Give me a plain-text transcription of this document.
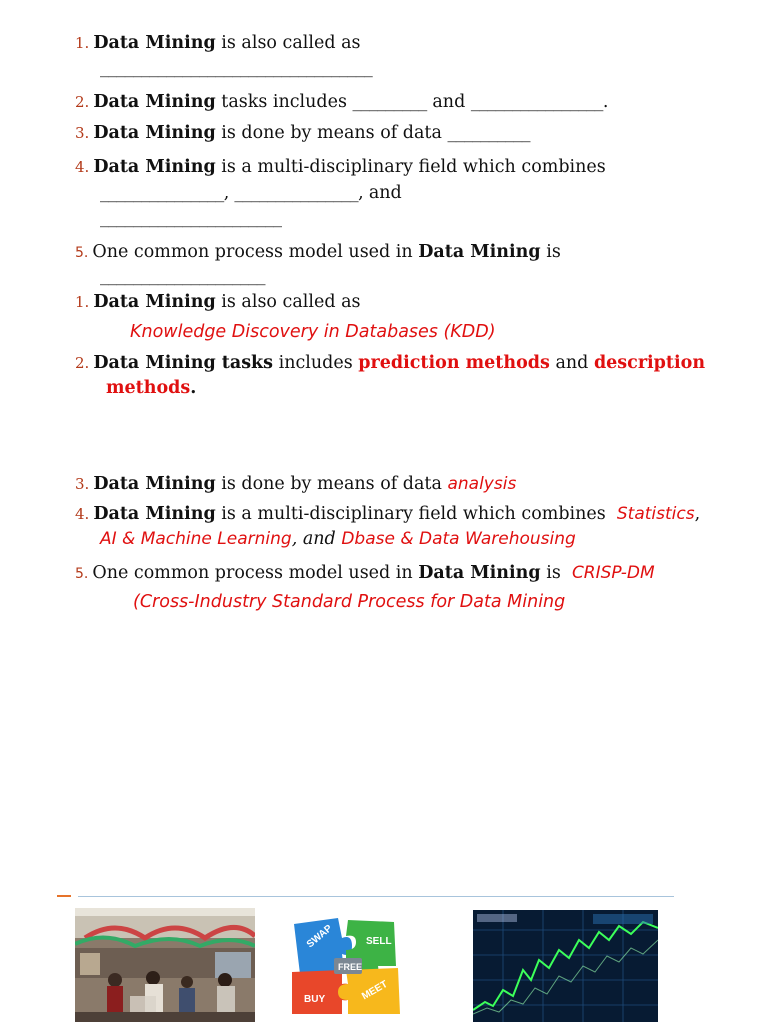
1. Data Mining is also called as
_________________________________
2. Data Mining tasks includes _________ and ________________.
3. Data Mining is done by means of data __________
4. Data Mining is a multi-disciplinary field which combines
_______________, _______________, and
______________________
5. One common process model used in Data Mining is
____________________
1. Data Mining is also called as
Knowledge Discovery in Databases (KDD)
2. Data Mining tasks includes prediction methods and description
methods.
3. Data Mining is done by means of data analysis
4. Data Mining is a multi-disciplinary field which combines Statistics,
AI & Machine Learning, and Dbase & Data Warehousing
5. One common process model used in Data Mining is CRISP-DM
(Cross-Industry Standard Process for Data Mining
SWAP	SELL
FREE
BUY	MEET
